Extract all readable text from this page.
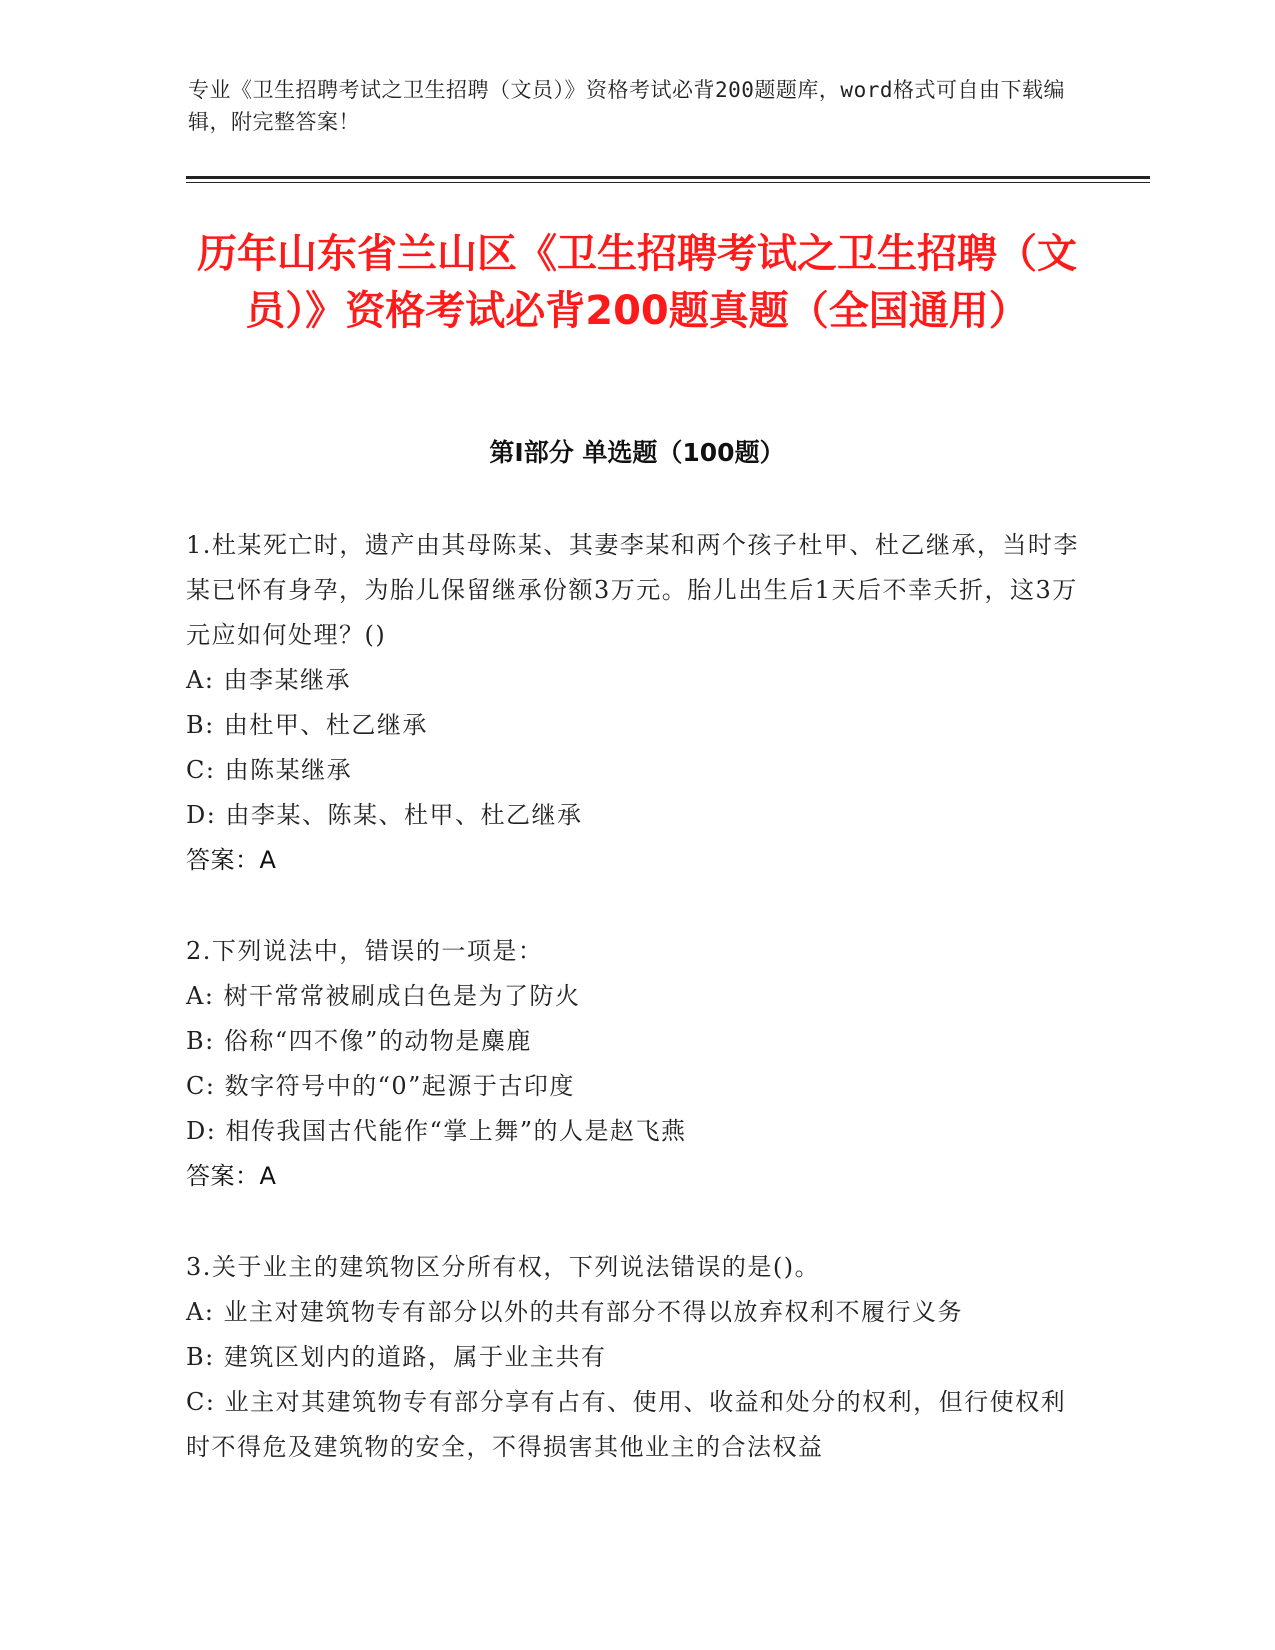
专业《卫生招聘考试之卫生招聘（文员）》资格考试必背200题题库，word格式可自由下载编辑，附完整答案！
历年山东省兰山区《卫生招聘考试之卫生招聘（文员）》资格考试必背200题真题（全国通用）
第Ⅰ部分 单选题（100题）

1.杜某死亡时，遗产由其母陈某、其妻李某和两个孩子杜甲、杜乙继承，当时李某已怀有身孕，为胎儿保留继承份额3万元。胎儿出生后1天后不幸夭折，这3万元应如何处理？()

A: 由李某继承

B: 由杜甲、杜乙继承

C: 由陈某继承

D: 由李某、陈某、杜甲、杜乙继承

答案：A

2.下列说法中，错误的一项是：

A: 树干常常被刷成白色是为了防火

B: 俗称“四不像”的动物是麋鹿

C: 数字符号中的“0”起源于古印度

D: 相传我国古代能作“掌上舞”的人是赵飞燕

答案：A

3.关于业主的建筑物区分所有权，下列说法错误的是()。

A: 业主对建筑物专有部分以外的共有部分不得以放弃权利不履行义务

B: 建筑区划内的道路，属于业主共有

C: 业主对其建筑物专有部分享有占有、使用、收益和处分的权利，但行使权利时不得危及建筑物的安全，不得损害其他业主的合法权益
